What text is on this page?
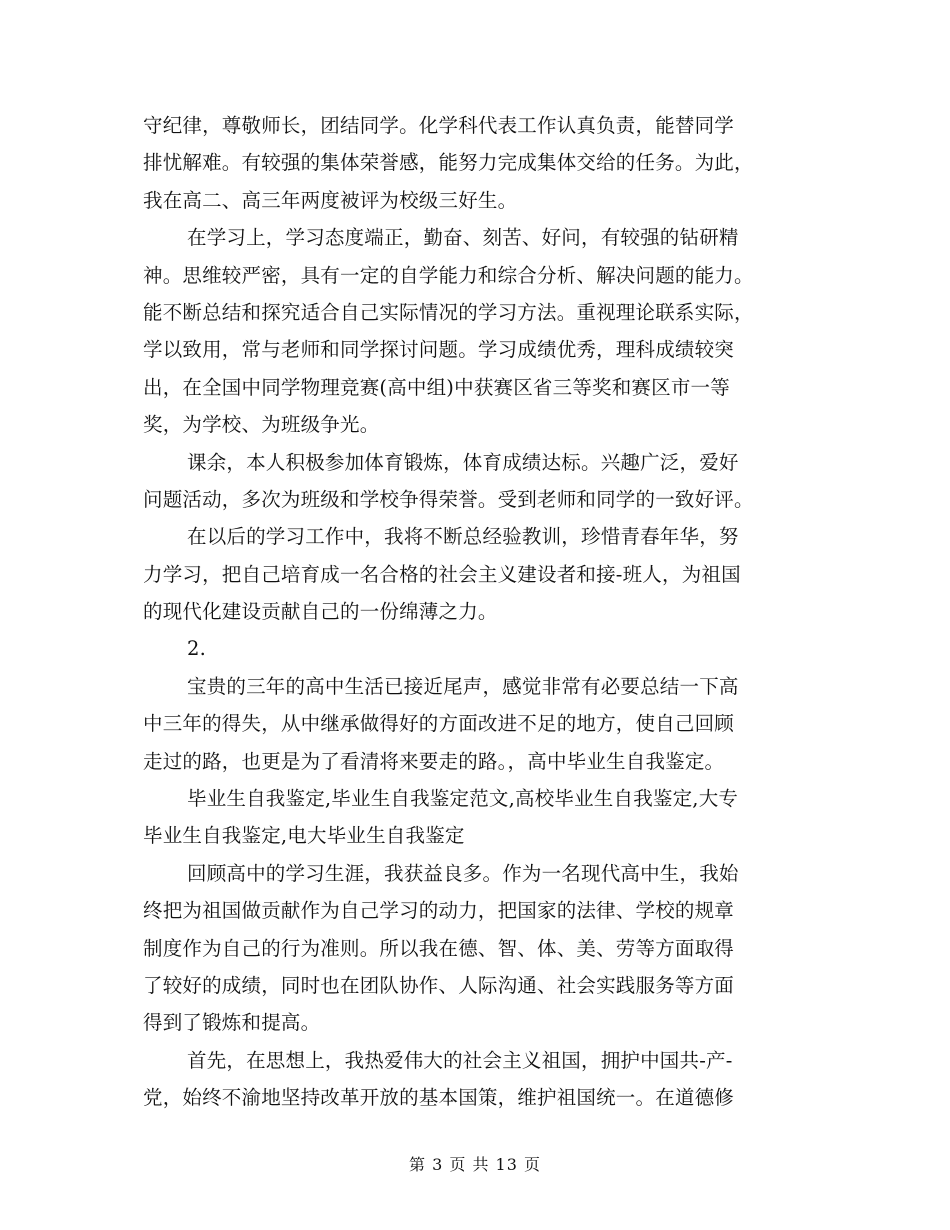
守纪律，尊敬师长，团结同学。化学科代表工作认真负责，能替同学
排忧解难。有较强的集体荣誉感，能努力完成集体交给的任务。为此，
我在高二、高三年两度被评为校级三好生。
在学习上，学习态度端正，勤奋、刻苦、好问，有较强的钻研精
神。思维较严密，具有一定的自学能力和综合分析、解决问题的能力。
能不断总结和探究适合自己实际情况的学习方法。重视理论联系实际，
学以致用，常与老师和同学探讨问题。学习成绩优秀，理科成绩较突
出，在全国中同学物理竞赛(高中组)中获赛区省三等奖和赛区市一等
奖，为学校、为班级争光。
课余，本人积极参加体育锻炼，体育成绩达标。兴趣广泛，爱好
问题活动，多次为班级和学校争得荣誉。受到老师和同学的一致好评。
在以后的学习工作中，我将不断总经验教训，珍惜青春年华，努
力学习，把自己培育成一名合格的社会主义建设者和接-班人，为祖国
的现代化建设贡献自己的一份绵薄之力。
2.
宝贵的三年的高中生活已接近尾声，感觉非常有必要总结一下高
中三年的得失，从中继承做得好的方面改进不足的地方，使自己回顾
走过的路，也更是为了看清将来要走的路。，高中毕业生自我鉴定。
毕业生自我鉴定,毕业生自我鉴定范文,高校毕业生自我鉴定,大专
毕业生自我鉴定,电大毕业生自我鉴定
回顾高中的学习生涯，我获益良多。作为一名现代高中生，我始
终把为祖国做贡献作为自己学习的动力，把国家的法律、学校的规章
制度作为自己的行为准则。所以我在德、智、体、美、劳等方面取得
了较好的成绩，同时也在团队协作、人际沟通、社会实践服务等方面
得到了锻炼和提高。
首先，在思想上，我热爱伟大的社会主义祖国，拥护中国共-产-
党，始终不渝地坚持改革开放的基本国策，维护祖国统一。在道德修
第 3 页 共 13 页
